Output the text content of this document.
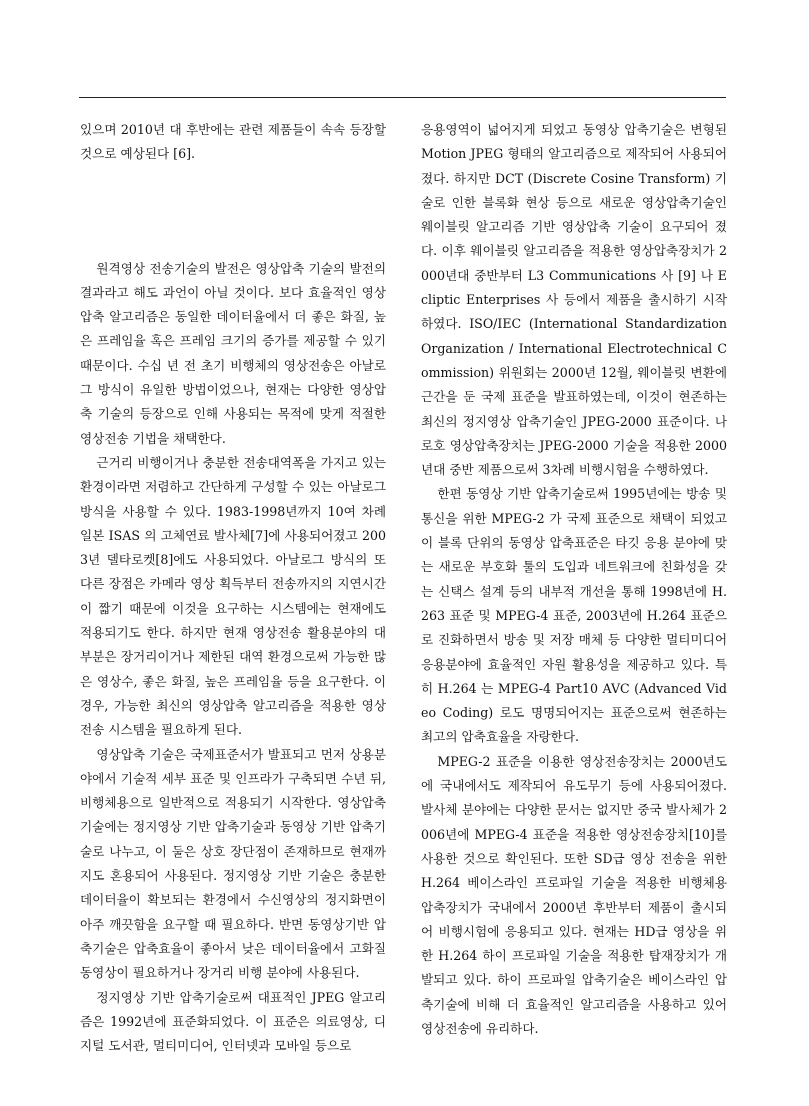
있으며 2010년 대 후반에는 관련 제품들이 속속 등장할 것으로 예상된다 [6].

원격영상 전송기술의 발전은 영상압축 기술의 발전의 결과라고 해도 과언이 아닐 것이다. 보다 효율적인 영상압축 알고리즘은 동일한 데이터율에서 더 좋은 화질, 높은 프레임율 혹은 프레임 크기의 증가를 제공할 수 있기 때문이다. 수십 년 전 초기 비행체의 영상전송은 아날로그 방식이 유일한 방법이었으나, 현재는 다양한 영상압축 기술의 등장으로 인해 사용되는 목적에 맞게 적절한 영상전송 기법을 채택한다.

근거리 비행이거나 충분한 전송대역폭을 가지고 있는 환경이라면 저렴하고 간단하게 구성할 수 있는 아날로그 방식을 사용할 수 있다. 1983-1998년까지 10여 차례 일본 ISAS 의 고체연료 발사체[7]에 사용되어졌고 2003년 델타로켓[8]에도 사용되었다. 아날로그 방식의 또 다른 장점은 카메라 영상 획득부터 전송까지의 지연시간이 짧기 때문에 이것을 요구하는 시스템에는 현재에도 적용되기도 한다. 하지만 현재 영상전송 활용분야의 대부분은 장거리이거나 제한된 대역 환경으로써 가능한 많은 영상수, 좋은 화질, 높은 프레임율 등을 요구한다. 이 경우, 가능한 최신의 영상압축 알고리즘을 적용한 영상전송 시스템을 필요하게 된다.

영상압축 기술은 국제표준서가 발표되고 먼저 상용분야에서 기술적 세부 표준 및 인프라가 구축되면 수년 뒤, 비행체용으로 일반적으로 적용되기 시작한다. 영상압축 기술에는 정지영상 기반 압축기술과 동영상 기반 압축기술로 나누고, 이 둘은 상호 장단점이 존재하므로 현재까지도 혼용되어 사용된다. 정지영상 기반 기술은 충분한 데이터율이 확보되는 환경에서 수신영상의 정지화면이 아주 깨끗함을 요구할 때 필요하다. 반면 동영상기반 압축기술은 압축효율이 좋아서 낮은 데이터율에서 고화질 동영상이 필요하거나 장거리 비행 분야에 사용된다.

정지영상 기반 압축기술로써 대표적인 JPEG 알고리즘은 1992년에 표준화되었다. 이 표준은 의료영상, 디지털 도서관, 멀티미디어, 인터넷과 모바일 등으로

응용영역이 넓어지게 되었고 동영상 압축기술은 변형된 Motion JPEG 형태의 알고리즘으로 제작되어 사용되어졌다. 하지만 DCT (Discrete Cosine Transform) 기술로 인한 블록화 현상 등으로 새로운 영상압축기술인 웨이블릿 알고리즘 기반 영상압축 기술이 요구되어 졌다. 이후 웨이블릿 알고리즘을 적용한 영상압축장치가 2000년대 중반부터 L3 Communications 사 [9] 나 Ecliptic Enterprises 사 등에서 제품을 출시하기 시작하였다. ISO/IEC (International Standardization Organization / International Electrotechnical Commission) 위원회는 2000년 12월, 웨이블릿 변환에 근간을 둔 국제 표준을 발표하였는데, 이것이 현존하는 최신의 정지영상 압축기술인 JPEG-2000 표준이다. 나로호 영상압축장치는 JPEG-2000 기술을 적용한 2000년대 중반 제품으로써 3차례 비행시험을 수행하였다.

한편 동영상 기반 압축기술로써 1995년에는 방송 및 통신을 위한 MPEG-2 가 국제 표준으로 채택이 되었고 이 블록 단위의 동영상 압축표준은 타깃 응용 분야에 맞는 새로운 부호화 툴의 도입과 네트워크에 친화성을 갖는 신택스 설계 등의 내부적 개선을 통해 1998년에 H.263 표준 및 MPEG-4 표준, 2003년에 H.264 표준으로 진화하면서 방송 및 저장 매체 등 다양한 멀티미디어 응용분야에 효율적인 자원 활용성을 제공하고 있다. 특히 H.264 는 MPEG-4 Part10 AVC (Advanced Video Coding) 로도 명명되어지는 표준으로써 현존하는 최고의 압축효율을 자랑한다.

MPEG-2 표준을 이용한 영상전송장치는 2000년도에 국내에서도 제작되어 유도무기 등에 사용되어졌다. 발사체 분야에는 다양한 문서는 없지만 중국 발사체가 2006년에 MPEG-4 표준을 적용한 영상전송장치[10]를 사용한 것으로 확인된다. 또한 SD급 영상 전송을 위한 H.264 베이스라인 프로파일 기술을 적용한 비행체용 압축장치가 국내에서 2000년 후반부터 제품이 출시되어 비행시험에 응용되고 있다. 현재는 HD급 영상을 위한 H.264 하이 프로파일 기술을 적용한 탑재장치가 개발되고 있다. 하이 프로파일 압축기술은 베이스라인 압축기술에 비해 더 효율적인 알고리즘을 사용하고 있어 영상전송에 유리하다.
